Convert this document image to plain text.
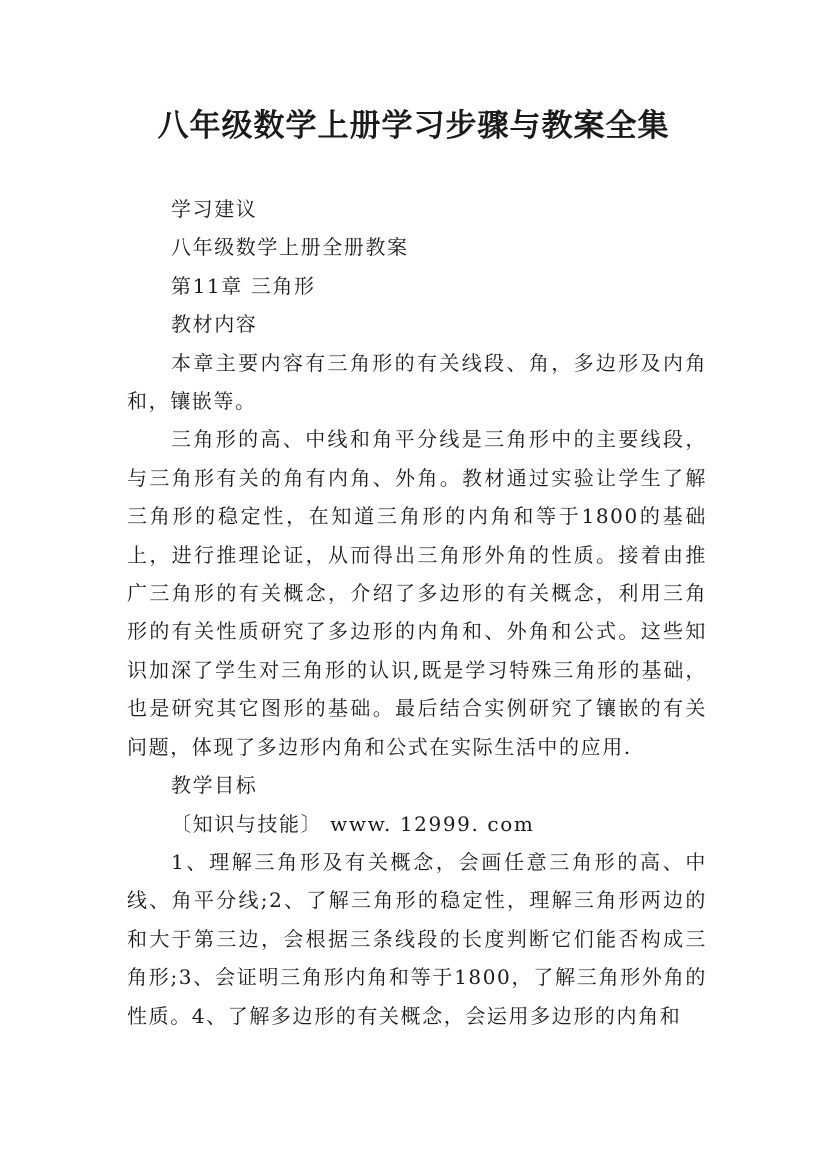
八年级数学上册学习步骤与教案全集

学习建议

八年级数学上册全册教案

第11章 三角形

教材内容

本章主要内容有三角形的有关线段、角，多边形及内角和，镶嵌等。

三角形的高、中线和角平分线是三角形中的主要线段，与三角形有关的角有内角、外角。教材通过实验让学生了解三角形的稳定性，在知道三角形的内角和等于1800的基础上，进行推理论证，从而得出三角形外角的性质。接着由推广三角形的有关概念，介绍了多边形的有关概念，利用三角形的有关性质研究了多边形的内角和、外角和公式。这些知识加深了学生对三角形的认识,既是学习特殊三角形的基础，也是研究其它图形的基础。最后结合实例研究了镶嵌的有关问题，体现了多边形内角和公式在实际生活中的应用.

教学目标

〔知识与技能〕 www. 12999. com

1、理解三角形及有关概念，会画任意三角形的高、中线、角平分线;2、了解三角形的稳定性，理解三角形两边的和大于第三边，会根据三条线段的长度判断它们能否构成三角形;3、会证明三角形内角和等于1800，了解三角形外角的性质。4、了解多边形的有关概念，会运用多边形的内角和
